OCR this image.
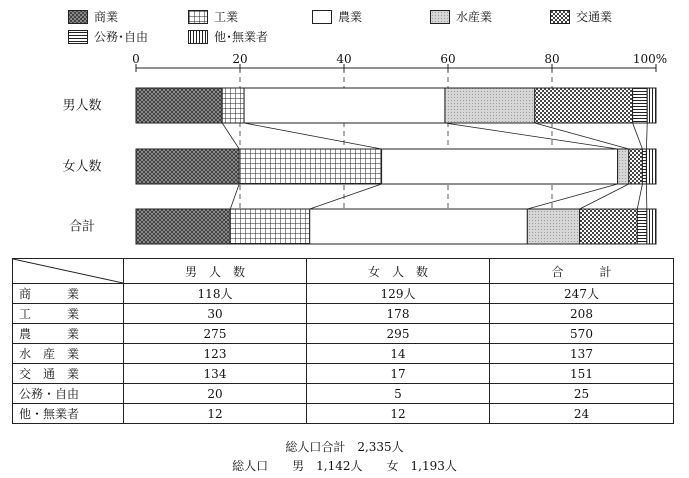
商業	工業	農業	水産業	交通業
公務･自由	他･無業者
0	20	40	60	80	100%
男人数
女人数
合計
	男　人　数	女　人　数	合　　　計
商　　　業	118人	129人	247人
工　　　業	30	178	208
農　　　業	275	295	570
水　産　業	123	14	137
交　通　業	134	17	151
公務・自由	20	5	25
他・無業者	12	12	24
総人口合計　2,335人
総人口　　男　1,142人　　女　1,193人
